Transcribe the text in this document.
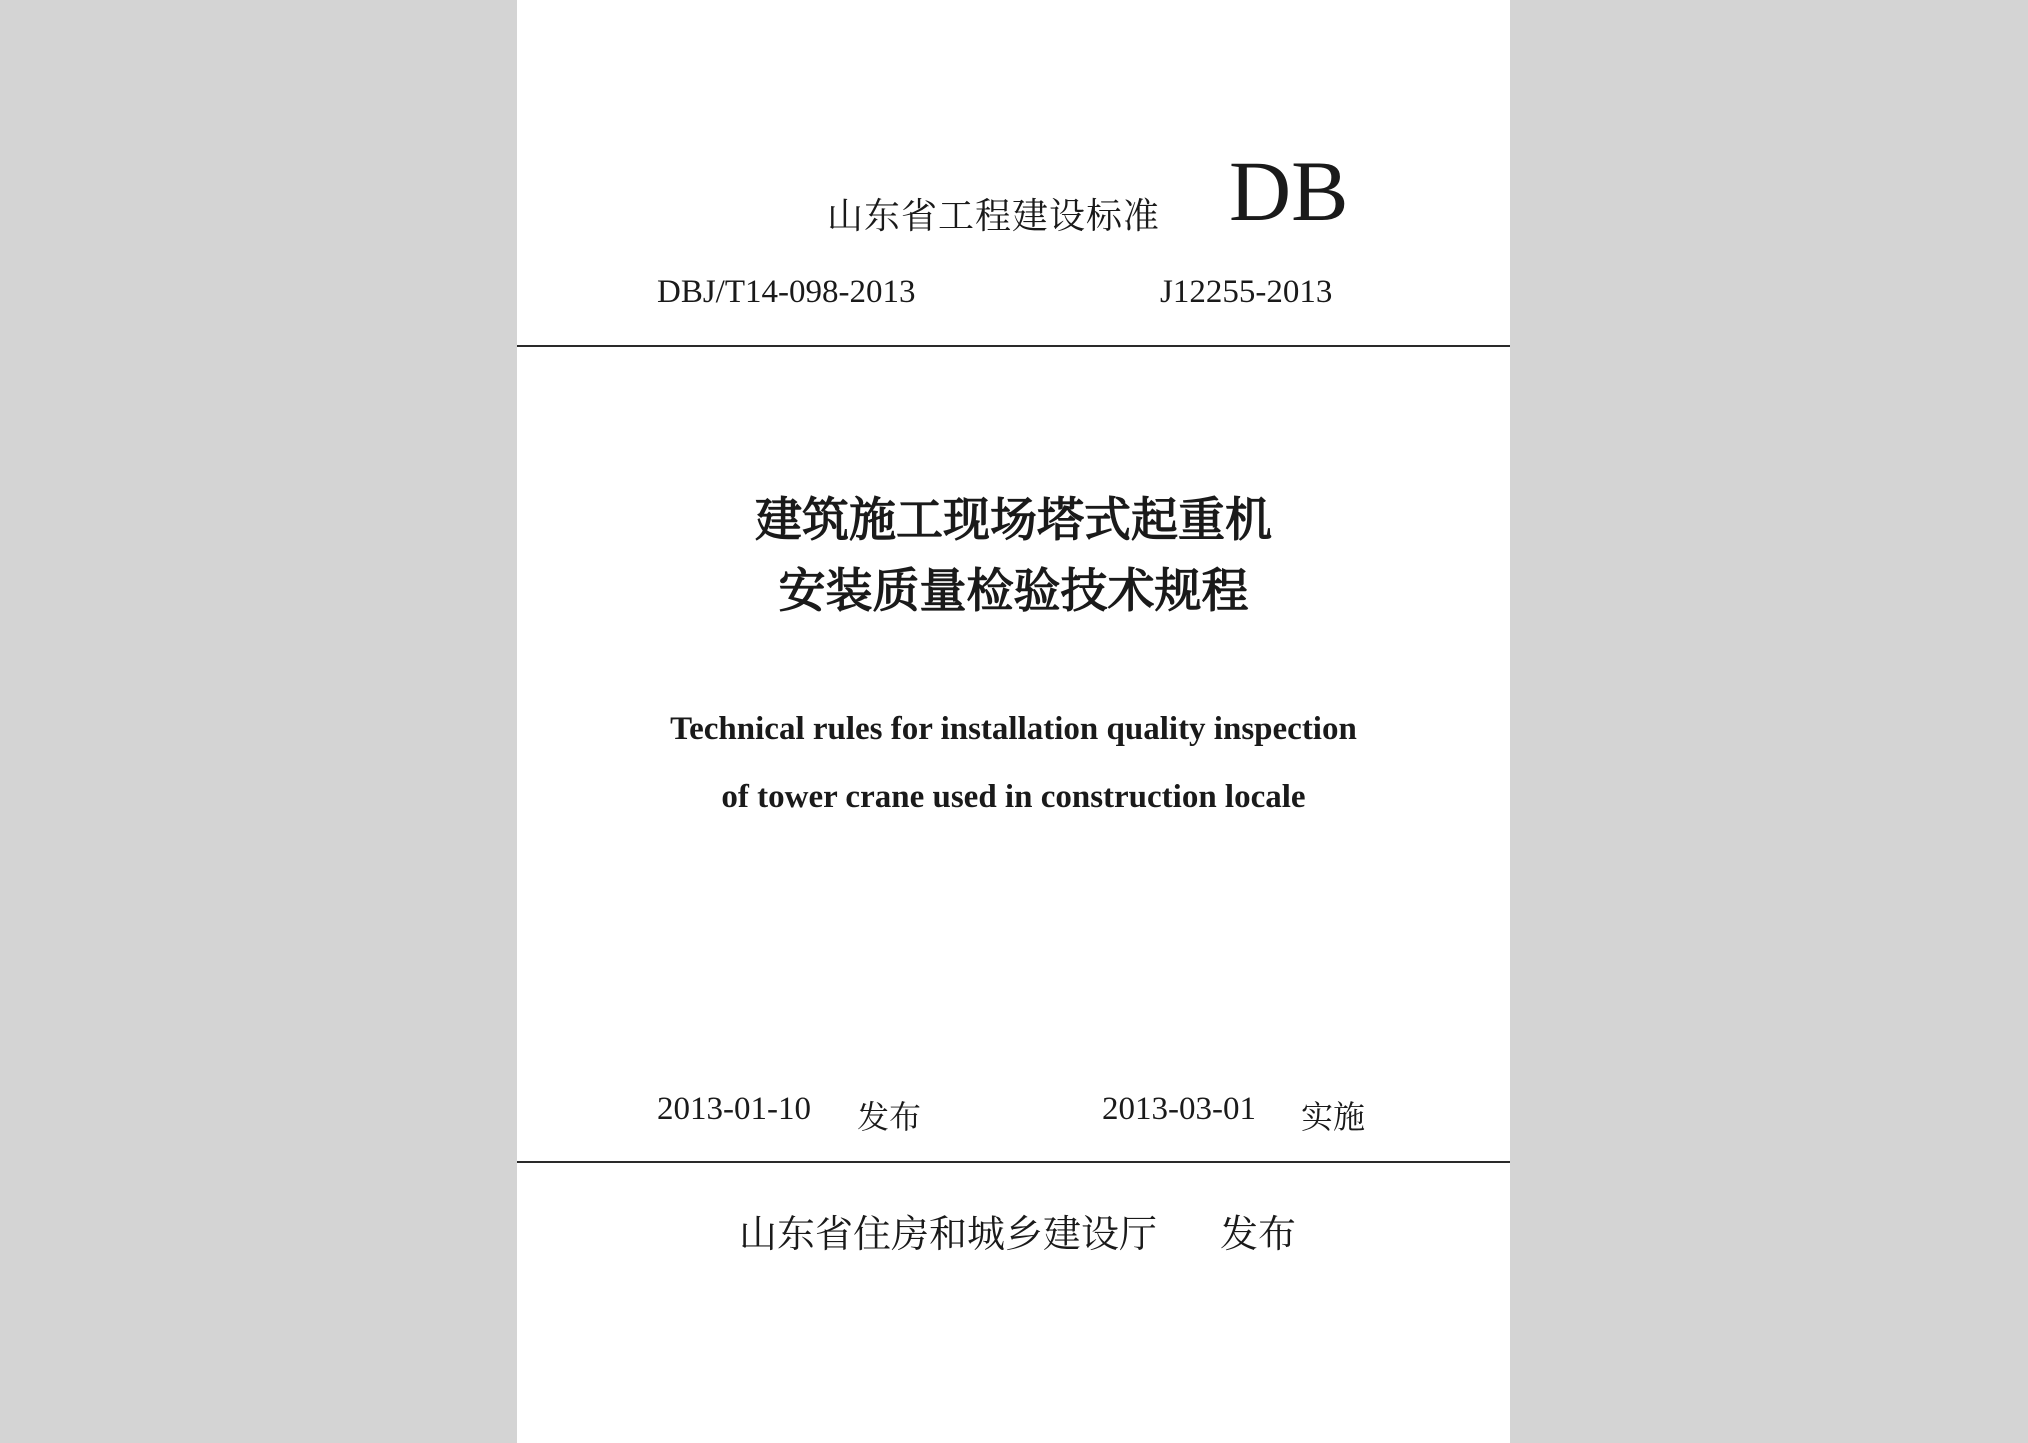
山东省工程建设标准 DB
DBJ/T14-098-2013	J12255-2013
建筑施工现场塔式起重机
安装质量检验技术规程
Technical rules for installation quality inspection
of tower crane used in construction locale
2013-01-10 发布	2013-03-01 实施
山东省住房和城乡建设厅 发布
